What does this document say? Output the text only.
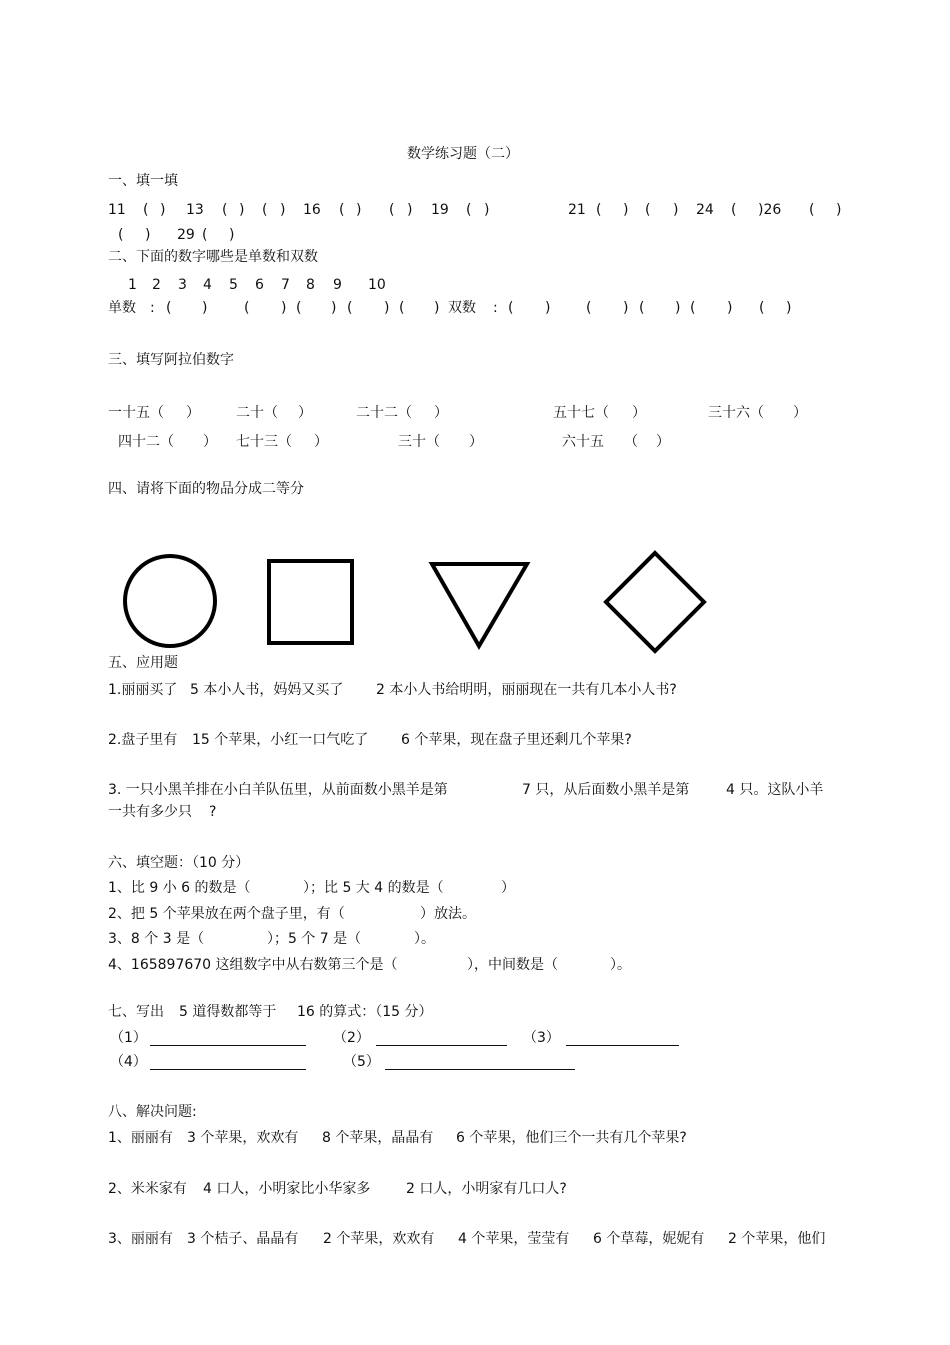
数学练习题（二）
一、填一填
11 ( ) 13 ( ) ( ) 16 ( ) ( ) 19 ( )	21 ( ) ( ) 24 ( )26 ( )
( ) 29 ( )
二、下面的数字哪些是单数和双数
1 2 3 4 5 6 7 8 9 10
单数 : ( )	( ) ( ) ( ) ( ) 双数 : ( )	( ) ( ) ( ) ( )
三、填写阿拉伯数字
一十五（ ）	二十（ ）	二十二（ ）	五十七（ ）	三十六（ ）
四十二（ ） 七十三（ ）	三十（ ）	六十五 （ ）
四、请将下面的物品分成二等分
五、应用题
1.丽丽买了 5 本小人书，妈妈又买了 2 本小人书给明明，丽丽现在一共有几本小人书?
2.盘子里有 15 个苹果，小红一口气吃了 6 个苹果，现在盘子里还剩几个苹果?
3. 一只小黑羊排在小白羊队伍里，从前面数小黑羊是第	7 只，从后面数小黑羊是第	4 只。这队小羊
一共有多少只 ?
六、填空题：（10 分）
1、比 9 小 6 的数是（	）；比 5 大 4 的数是（	）
2、把 5 个苹果放在两个盘子里，有（	）放法。
3、8 个 3 是（	）；5 个 7 是（	）。
4、165897670 这组数字中从右数第三个是（	），中间数是（	）。
七、写出 5 道得数都等于 16 的算式：（15 分）
（1）	（2）	（3）
（4）	（5）
八、解决问题:
1、丽丽有 3 个苹果，欢欢有 8 个苹果，晶晶有 6 个苹果，他们三个一共有几个苹果?
2、米米家有 4 口人，小明家比小华家多	2 口人，小明家有几口人?
3、丽丽有 3 个桔子、晶晶有 2 个苹果，欢欢有 4 个苹果，莹莹有 6 个草莓，妮妮有 2 个苹果，他们
